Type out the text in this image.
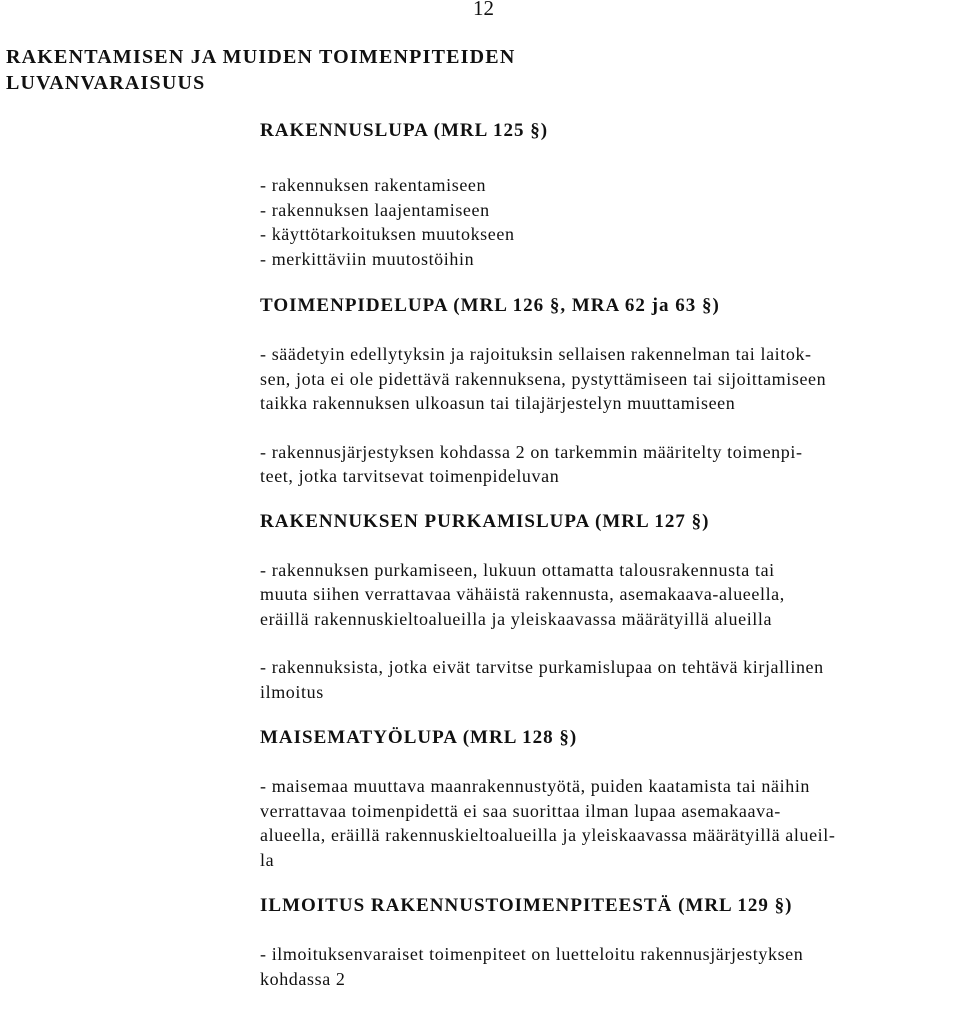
12
RAKENTAMISEN JA MUIDEN TOIMENPITEIDEN
LUVANVARAISUUS
RAKENNUSLUPA (MRL 125 §)

- rakennuksen rakentamiseen

- rakennuksen laajentamiseen

- käyttötarkoituksen muutokseen

- merkittäviin muutostöihin

TOIMENPIDELUPA (MRL 126 §, MRA 62 ja 63 §)

- säädetyin edellytyksin ja rajoituksin sellaisen rakennelman tai laitok-

sen, jota ei ole pidettävä rakennuksena, pystyttämiseen tai sijoittamiseen

taikka rakennuksen ulkoasun tai tilajärjestelyn muuttamiseen

- rakennusjärjestyksen kohdassa 2 on tarkemmin määritelty toimenpi-

teet, jotka tarvitsevat toimenpideluvan

RAKENNUKSEN PURKAMISLUPA (MRL 127 §)

- rakennuksen purkamiseen, lukuun ottamatta talousrakennusta tai

muuta siihen verrattavaa vähäistä rakennusta, asemakaava-alueella,

eräillä rakennuskieltoalueilla ja yleiskaavassa määrätyillä alueilla

- rakennuksista, jotka eivät tarvitse purkamislupaa on tehtävä kirjallinen

ilmoitus

MAISEMATYÖLUPA (MRL 128 §)

- maisemaa muuttava maanrakennustyötä, puiden kaatamista tai näihin

verrattavaa toimenpidettä ei saa suorittaa ilman lupaa asemakaava-

alueella, eräillä rakennuskieltoalueilla ja yleiskaavassa määrätyillä alueil-

la

ILMOITUS RAKENNUSTOIMENPITEESTÄ (MRL 129 §)

- ilmoituksenvaraiset toimenpiteet on luetteloitu rakennusjärjestyksen

kohdassa 2
